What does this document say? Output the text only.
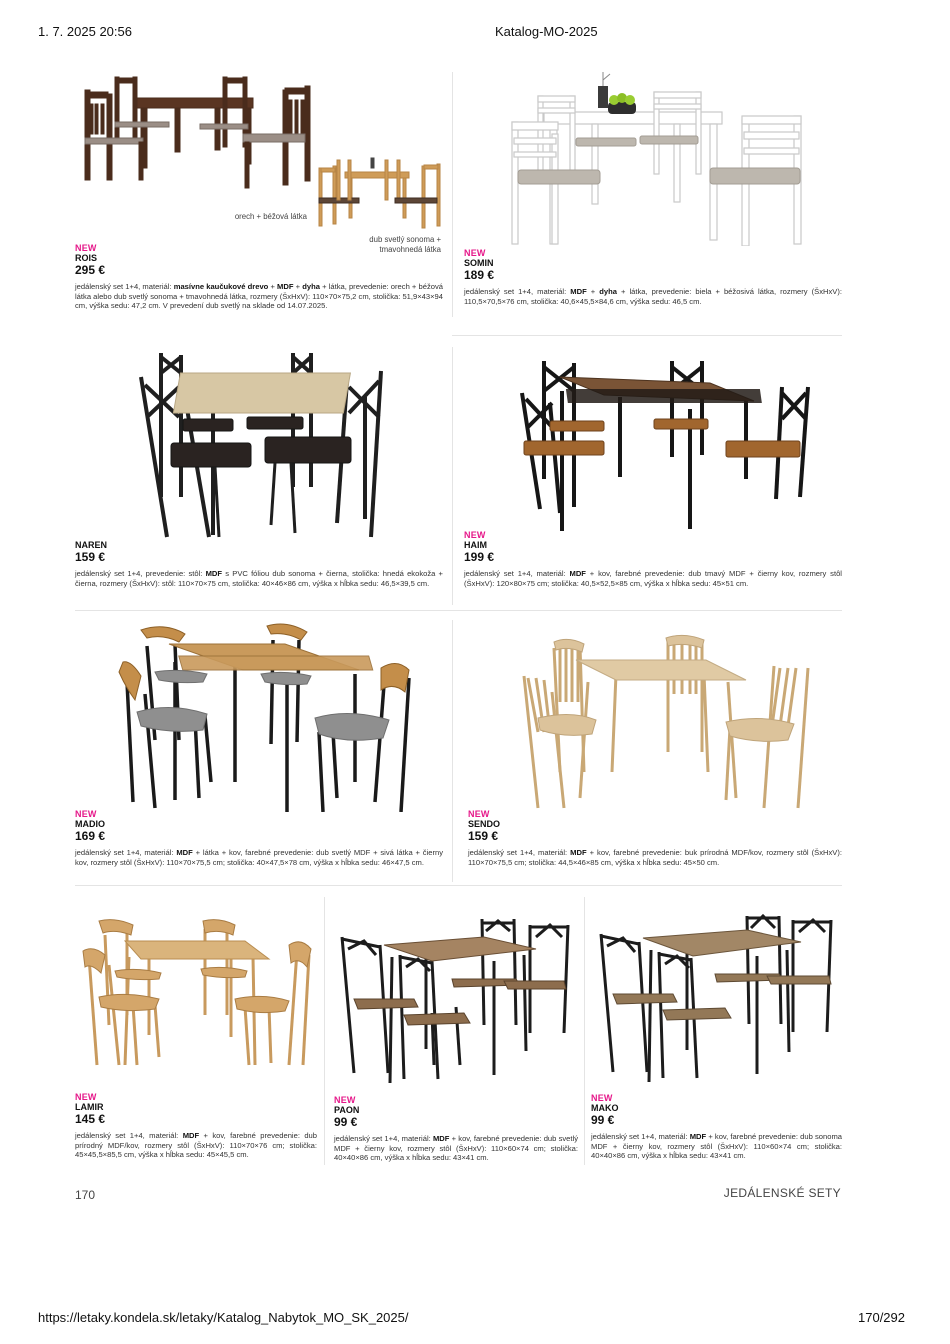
1. 7. 2025 20:56	Katalog-MO-2025
https://letaky.kondela.sk/letaky/Katalog_Nabytok_MO_SK_2025/	170/292
orech + béžová látka
dub svetlý sonoma +
tmavohnedá látka
NEW
ROIS
295 €
jedálenský set 1+4, materiál: masívne kaučukové drevo + MDF + dyha + látka, prevedenie: orech + béžová látka alebo dub svetlý sonoma + tmavohnedá látka, rozmery (ŠxHxV): 110×70×75,2 cm, stolička: 51,9×43×94 cm, výška sedu: 47,2 cm. V prevedení dub svetlý na sklade od 14.07.2025.
NEW
SOMIN
189 €
jedálenský set 1+4, materiál: MDF + dyha + látka, prevedenie: biela + béžosivá látka, rozmery (ŠxHxV): 110,5×70,5×76 cm, stolička: 40,6×45,5×84,6 cm, výška sedu: 46,5 cm.
NAREN
159 €
jedálenský set 1+4, prevedenie: stôl: MDF s PVC fóliou dub sonoma + čierna, stolička: hnedá ekokoža + čierna, rozmery (ŠxHxV): stôl: 110×70×75 cm, stolička: 40×46×86 cm, výška x hĺbka sedu: 46,5×39,5 cm.
NEW
HAIM
199 €
jedálenský set 1+4, materiál: MDF + kov, farebné prevedenie: dub tmavý MDF + čierny kov, rozmery stôl (ŠxHxV): 120×80×75 cm; stolička: 40,5×52,5×85 cm, výška x hĺbka sedu: 45×51 cm.
NEW
MADIO
169 €
jedálenský set 1+4, materiál: MDF + látka + kov, farebné prevedenie: dub svetlý MDF + sivá látka + čierny kov, rozmery stôl (ŠxHxV): 110×70×75,5 cm; stolička: 40×47,5×78 cm, výška x hĺbka sedu: 46×47,5 cm.
NEW
SENDO
159 €
jedálenský set 1+4, materiál: MDF + kov, farebné prevedenie: buk prírodná MDF/kov, rozmery stôl (ŠxHxV): 110×70×75,5 cm; stolička: 44,5×46×85 cm, výška x hĺbka sedu: 45×50 cm.
NEW
LAMIR
145 €
jedálenský set 1+4, materiál: MDF + kov, farebné prevedenie: dub prírodný MDF/kov, rozmery stôl (ŠxHxV): 110×70×76 cm; stolička: 45×45,5×85,5 cm, výška x hĺbka sedu: 45×45,5 cm.
NEW
PAON
99 €
jedálenský set 1+4, materiál: MDF + kov, farebné prevedenie: dub svetlý MDF + čierny kov, rozmery stôl (ŠxHxV): 110×60×74 cm; stolička: 40×40×86 cm, výška x hĺbka sedu: 43×41 cm.
NEW
MAKO
99 €
jedálenský set 1+4, materiál: MDF + kov, farebné prevedenie: dub sonoma MDF + čierny kov, rozmery stôl (ŠxHxV): 110×60×74 cm; stolička: 40×40×86 cm, výška x hĺbka sedu: 43×41 cm.
170	JEDÁLENSKÉ SETY
